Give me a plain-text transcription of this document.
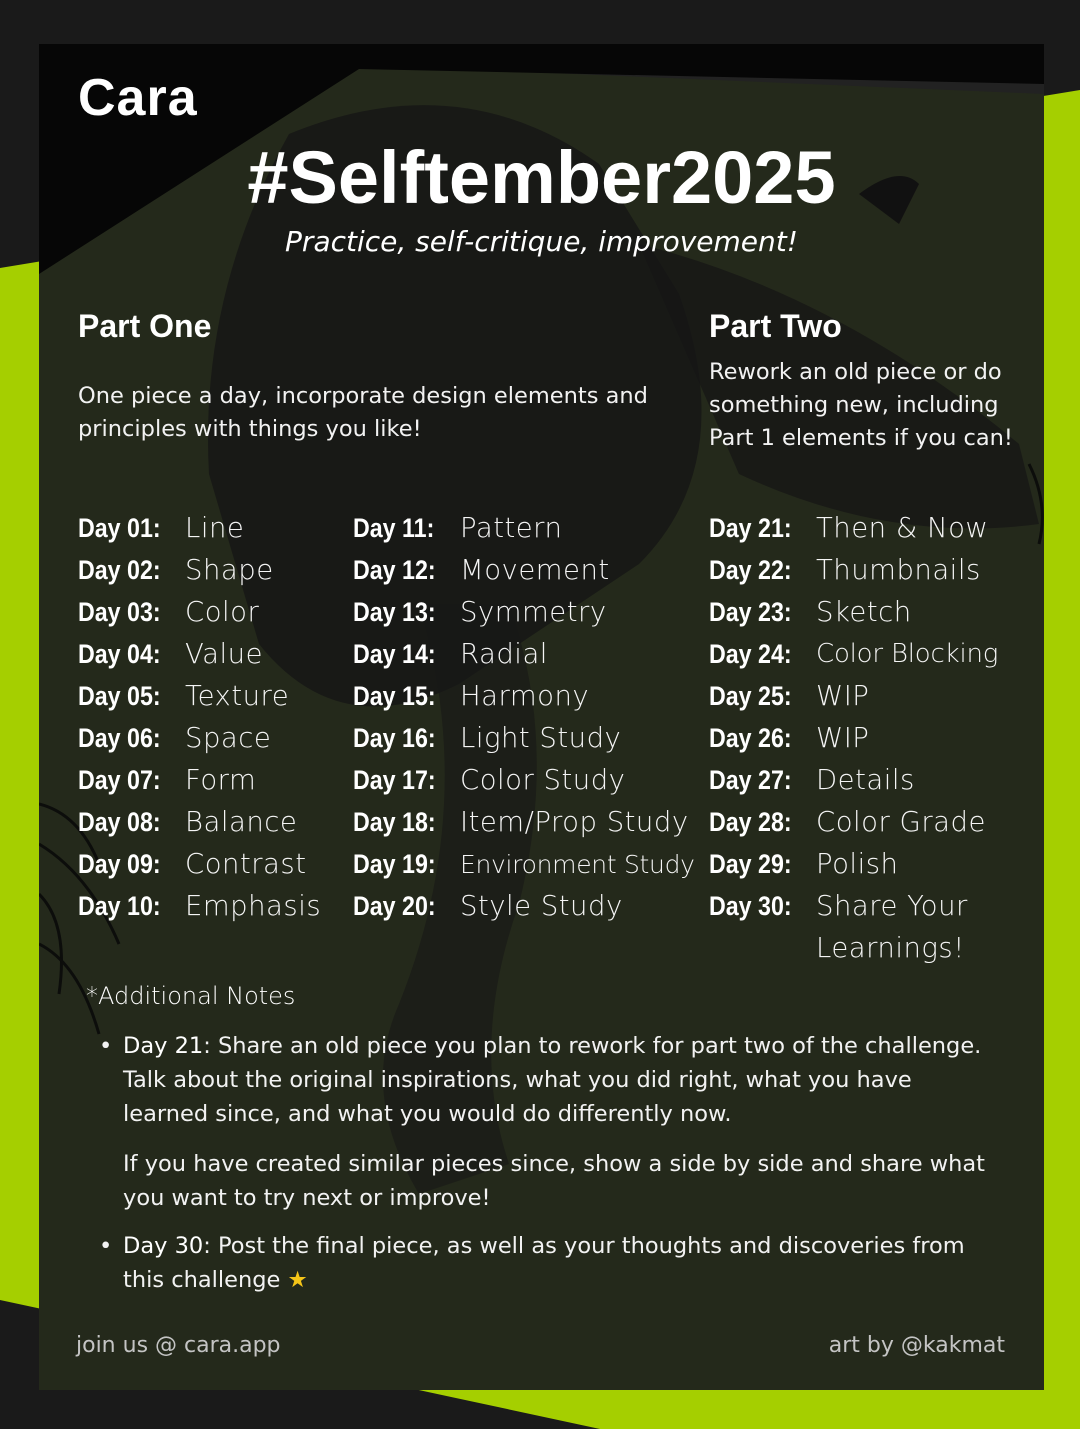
Cara

#Selftember2025

Practice, self-critique, improvement!

Part One

One piece a day, incorporate design elements and principles with things you like!

Part Two

Rework an old piece or do something new, including Part 1 elements if you can!

Day 01: Line
Day 02: Shape
Day 03: Color
Day 04: Value
Day 05: Texture
Day 06: Space
Day 07: Form
Day 08: Balance
Day 09: Contrast
Day 10: Emphasis
Day 11: Pattern
Day 12: Movement
Day 13: Symmetry
Day 14: Radial
Day 15: Harmony
Day 16: Light Study
Day 17: Color Study
Day 18: Item/Prop Study
Day 19: Environment Study
Day 20: Style Study
Day 21: Then & Now
Day 22: Thumbnails
Day 23: Sketch
Day 24: Color Blocking
Day 25: WIP
Day 26: WIP
Day 27: Details
Day 28: Color Grade
Day 29: Polish
Day 30: Share Your
Learnings!

*Additional Notes

• Day 21: Share an old piece you plan to rework for part two of the challenge. Talk about the original inspirations, what you did right, what you have learned since, and what you would do differently now.

If you have created similar pieces since, show a side by side and share what you want to try next or improve!

• Day 30: Post the final piece, as well as your thoughts and discoveries from this challenge ★

join us @ cara.app	art by @kakmat
